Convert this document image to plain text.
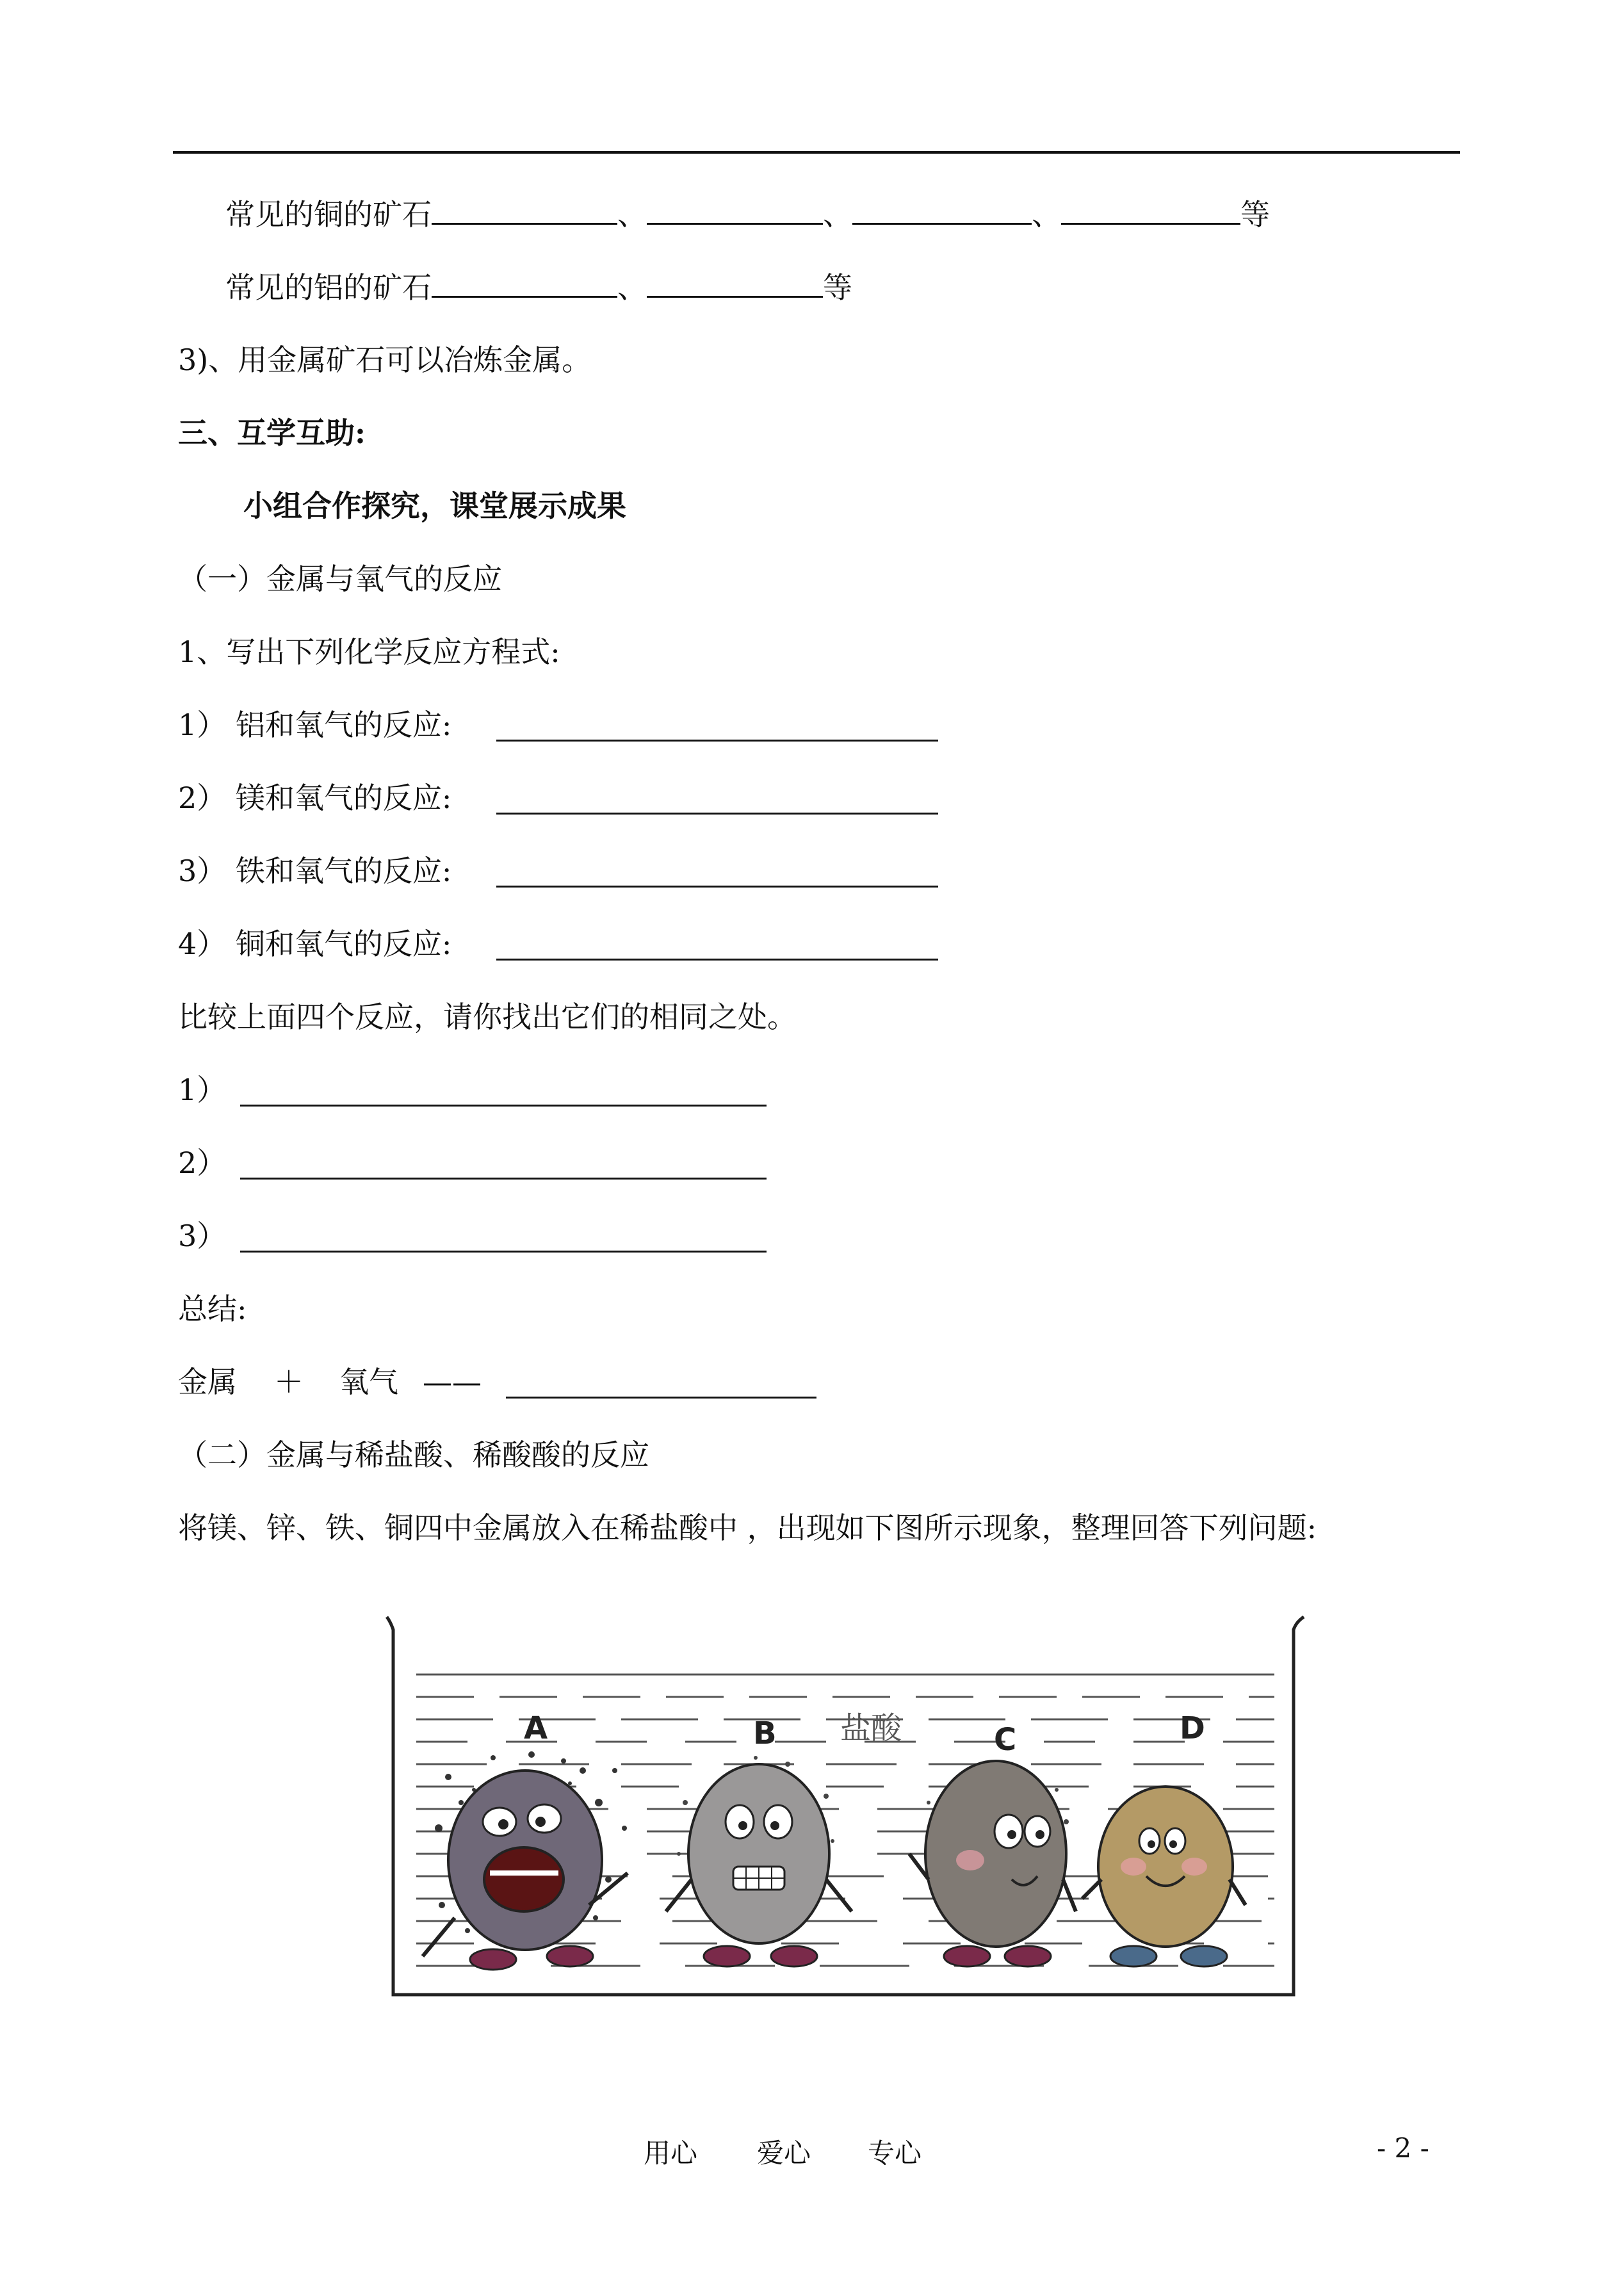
常见的铜的矿石	、	、	、	等
常见的铝的矿石	、	等
3)、用金属矿石可以冶炼金属。
三、互学互助:
小组合作探究，课堂展示成果
（一）金属与氧气的反应
1、写出下列化学反应方程式:
1） 铝和氧气的反应:
2） 镁和氧气的反应:
3） 铁和氧气的反应:
4） 铜和氧气的反应:
比较上面四个反应，请你找出它们的相同之处。
1）
2）
3）
总结:
金属 ＋ 氧气 ——
（二）金属与稀盐酸、稀酸酸的反应
将镁、锌、铁、铜四中金属放入在稀盐酸中 ，出现如下图所示现象，整理回答下列问题:
A	B 盐酸	C	D
用心 爱心 专心	- 2 -
